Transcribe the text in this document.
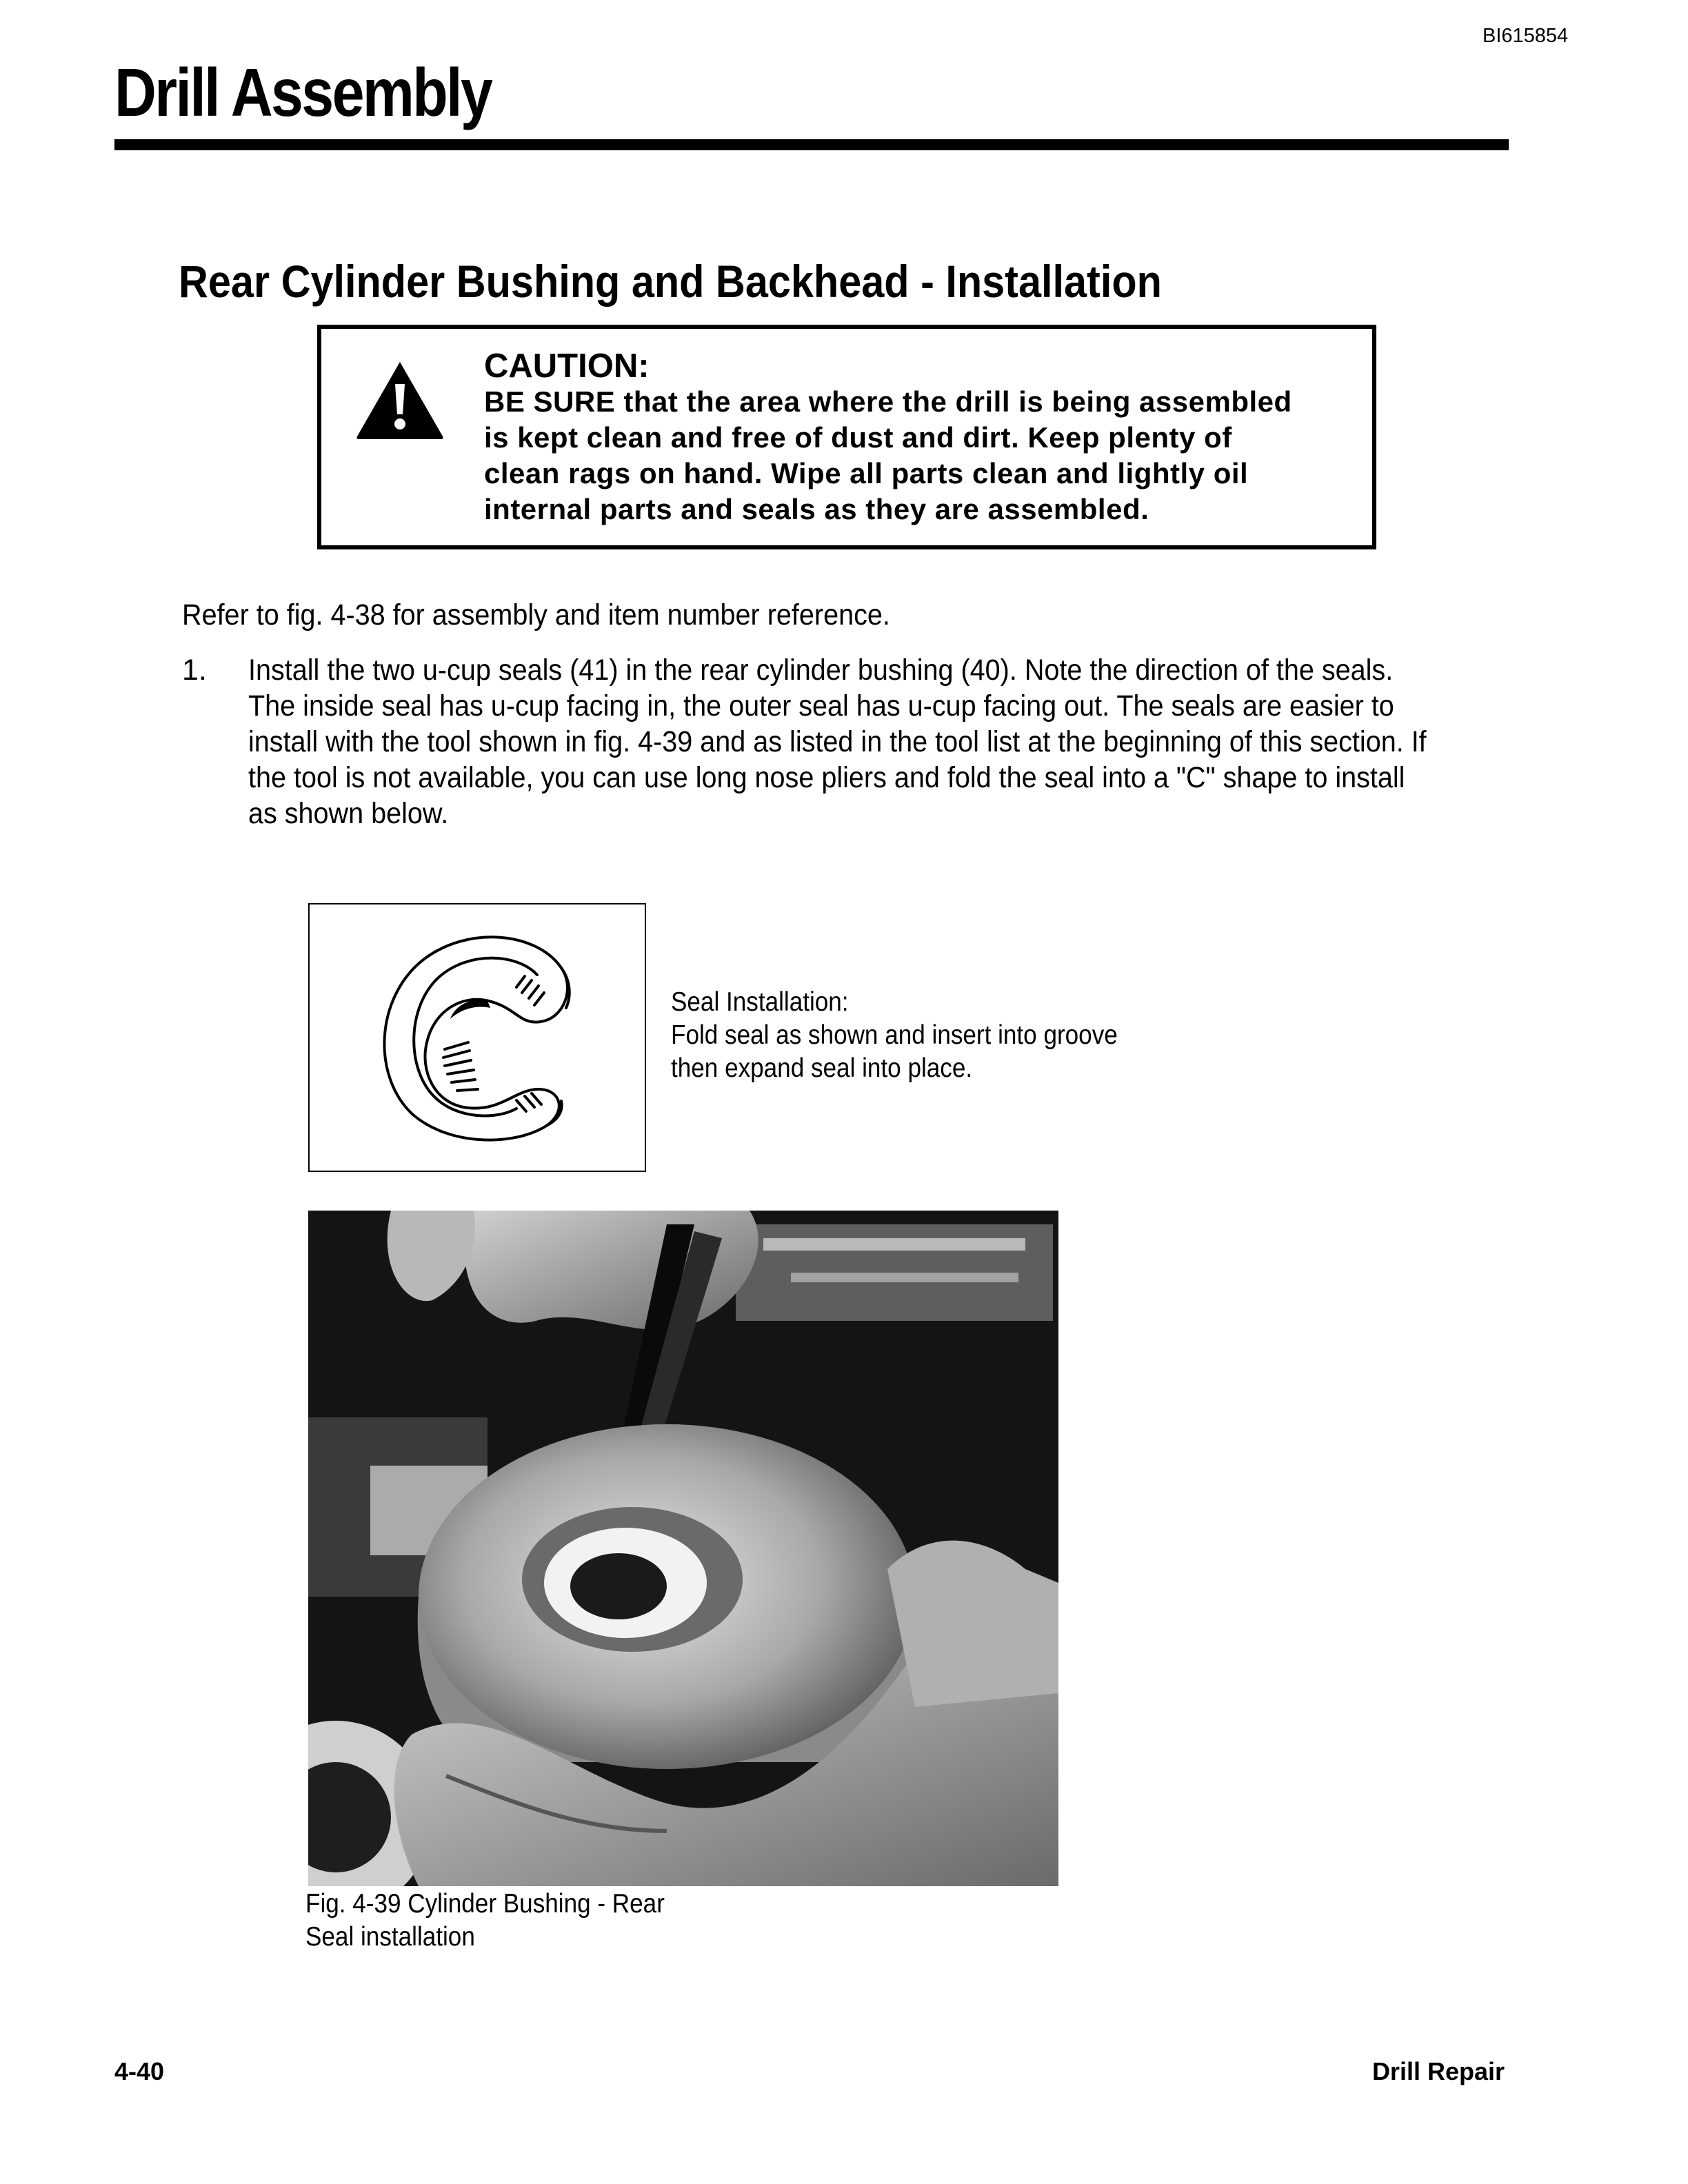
BI615854
Drill Assembly
Rear Cylinder Bushing and Backhead - Installation
CAUTION:
BE SURE that the area where the drill is being assembled
is kept clean and free of dust and dirt. Keep plenty of
clean rags on hand. Wipe all parts clean and lightly oil
internal parts and seals as they are assembled.

Refer to fig. 4-38 for assembly and item number reference.

1. Install the two u-cup seals (41) in the rear cylinder bushing (40). Note the direction of the seals.
The inside seal has u-cup facing in, the outer seal has u-cup facing out. The seals are easier to
install with the tool shown in fig. 4-39 and as listed in the tool list at the beginning of this section. If
the tool is not available, you can use long nose pliers and fold the seal into a "C" shape to install
as shown below.
Seal Installation:
Fold seal as shown and insert into groove
then expand seal into place.
Fig. 4-39 Cylinder Bushing - Rear
Seal installation
4-40	Drill Repair
